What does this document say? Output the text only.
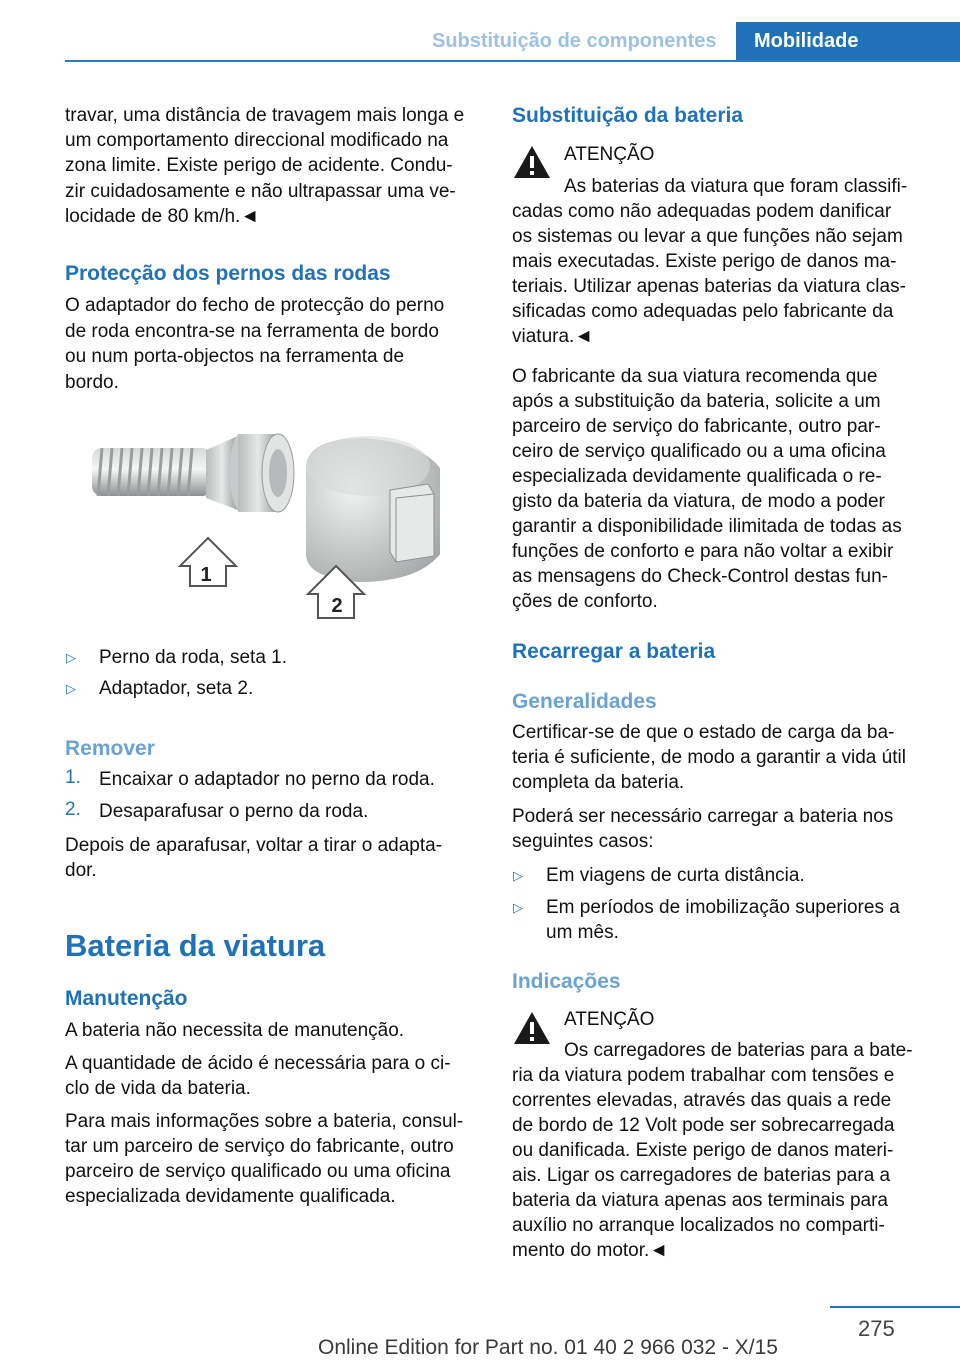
Substituição de componentes	Mobilidade

travar, uma distância de travagem mais longa e

um comportamento direccional modificado na

zona limite. Existe perigo de acidente. Condu-

zir cuidadosamente e não ultrapassar uma ve-

locidade de 80 km/h.◄

Protecção dos pernos das rodas

O adaptador do fecho de protecção do perno

de roda encontra-se na ferramenta de bordo

ou num porta-objectos na ferramenta de

bordo.

1
2
▷ Perno da roda, seta 1.

▷ Adaptador, seta 2.

Remover
1. Encaixar o adaptador no perno da roda.

2. Desaparafusar o perno da roda.

Depois de aparafusar, voltar a tirar o adapta-

dor.

Bateria da viatura
Manutenção

A bateria não necessita de manutenção.

A quantidade de ácido é necessária para o ci-

clo de vida da bateria.

Para mais informações sobre a bateria, consul-

tar um parceiro de serviço do fabricante, outro

parceiro de serviço qualificado ou uma oficina

especializada devidamente qualificada.

Substituição da bateria

ATENÇÃO

As baterias da viatura que foram classifi-

cadas como não adequadas podem danificar

os sistemas ou levar a que funções não sejam

mais executadas. Existe perigo de danos ma-

teriais. Utilizar apenas baterias da viatura clas-

sificadas como adequadas pelo fabricante da

viatura.◄

O fabricante da sua viatura recomenda que

após a substituição da bateria, solicite a um

parceiro de serviço do fabricante, outro par-

ceiro de serviço qualificado ou a uma oficina

especializada devidamente qualificada o re-

gisto da bateria da viatura, de modo a poder

garantir a disponibilidade ilimitada de todas as

funções de conforto e para não voltar a exibir

as mensagens do Check-Control destas fun-

ções de conforto.

Recarregar a bateria
Generalidades

Certificar-se de que o estado de carga da ba-

teria é suficiente, de modo a garantir a vida útil

completa da bateria.

Poderá ser necessário carregar a bateria nos

seguintes casos:

▷ Em viagens de curta distância.

▷ Em períodos de imobilização superiores a

um mês.

Indicações

ATENÇÃO

Os carregadores de baterias para a bate-

ria da viatura podem trabalhar com tensões e

correntes elevadas, através das quais a rede

de bordo de 12 Volt pode ser sobrecarregada

ou danificada. Existe perigo de danos materi-

ais. Ligar os carregadores de baterias para a

bateria da viatura apenas aos terminais para

auxílio no arranque localizados no comparti-

mento do motor.◄

275
Online Edition for Part no. 01 40 2 966 032 - X/15
